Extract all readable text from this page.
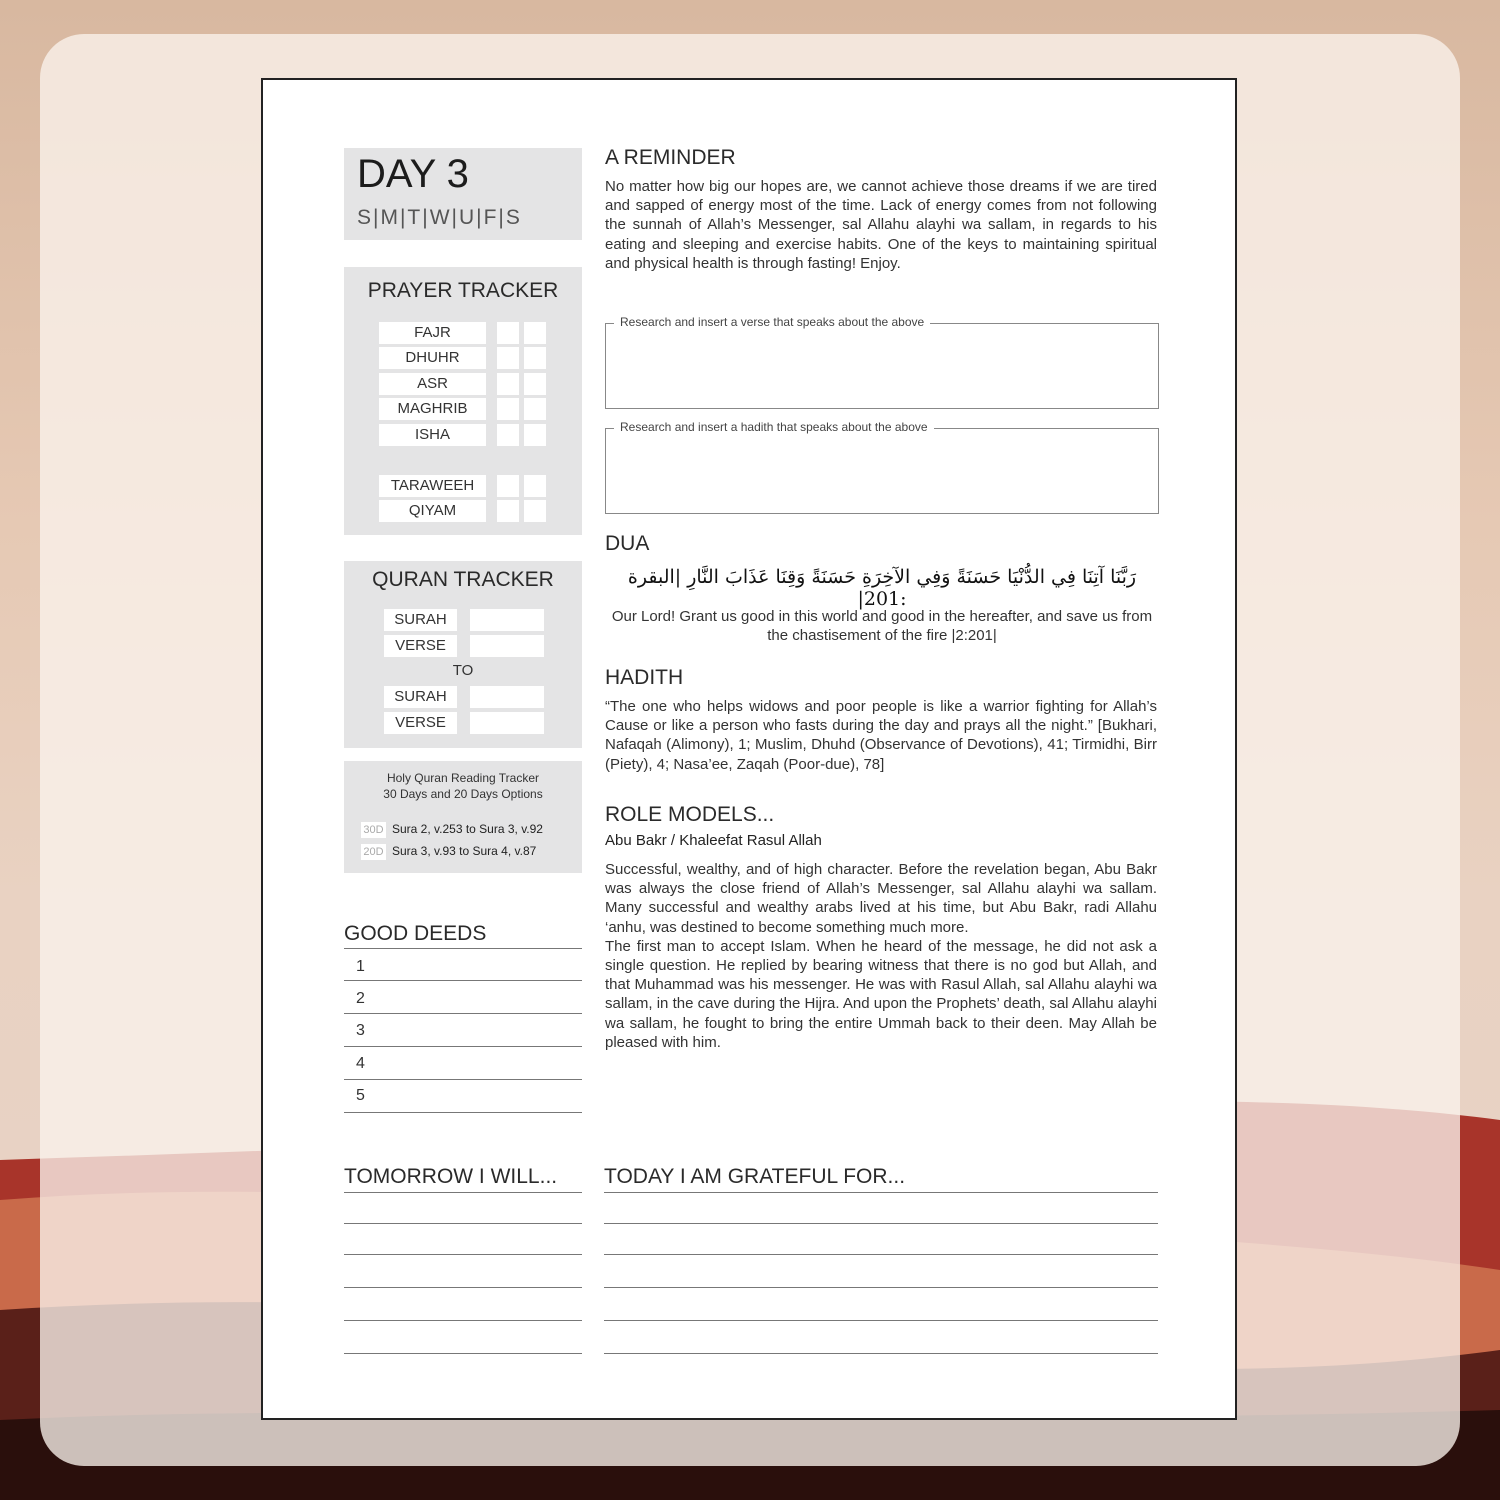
DAY 3
S|M|T|W|U|F|S
PRAYER TRACKER
FAJR
DHUHR
ASR
MAGHRIB
ISHA
TARAWEEH
QIYAM
QURAN TRACKER
SURAH
VERSE
TO
SURAH
VERSE
Holy Quran Reading Tracker
30 Days and 20 Days Options
30D Sura 2, v.253 to Sura 3, v.92
20D Sura 3, v.93 to Sura 4, v.87
GOOD DEEDS
1
2
3
4
5
TOMORROW I WILL... TODAY I AM GRATEFUL FOR...
A REMINDER

No matter how big our hopes are, we cannot achieve those dreams if we are tired and sapped of energy most of the time. Lack of energy comes from not following the sunnah of Allah’s Messenger, sal Allahu alayhi wa sallam, in regards to his eating and sleeping and exercise habits. One of the keys to maintaining spiritual and physical health is through fasting! Enjoy.

Research and insert a verse that speaks about the above
Research and insert a hadith that speaks about the above
DUA
رَبَّنَا آتِنَا فِي الدُّنْيَا حَسَنَةً وَفِي الآخِرَةِ حَسَنَةً وَقِنَا عَذَابَ النَّارِ |البقرة :201|
Our Lord! Grant us good in this world and good in the hereafter, and save us from the chastisement of the fire |2:201|
HADITH

“The one who helps widows and poor people is like a warrior fighting for Allah’s Cause or like a person who fasts during the day and prays all the night.” [Bukhari, Nafaqah (Alimony), 1; Muslim, Dhuhd (Observance of Devotions), 41; Tirmidhi, Birr (Piety), 4; Nasa’ee, Zaqah (Poor-due), 78]

ROLE MODELS...
Abu Bakr / Khaleefat Rasul Allah

Successful, wealthy, and of high character. Before the revelation began, Abu Bakr was always the close friend of Allah’s Messenger, sal Allahu alayhi wa sallam. Many successful and wealthy arabs lived at his time, but Abu Bakr, radi Allahu ‘anhu, was destined to become something much more.
The first man to accept Islam. When he heard of the message, he did not ask a single question. He replied by bearing witness that there is no god but Allah, and that Muhammad was his messenger. He was with Rasul Allah, sal Allahu alayhi wa sallam, in the cave during the Hijra. And upon the Prophets’ death, sal Allahu alayhi wa sallam, he fought to bring the entire Ummah back to their deen. May Allah be pleased with him.
